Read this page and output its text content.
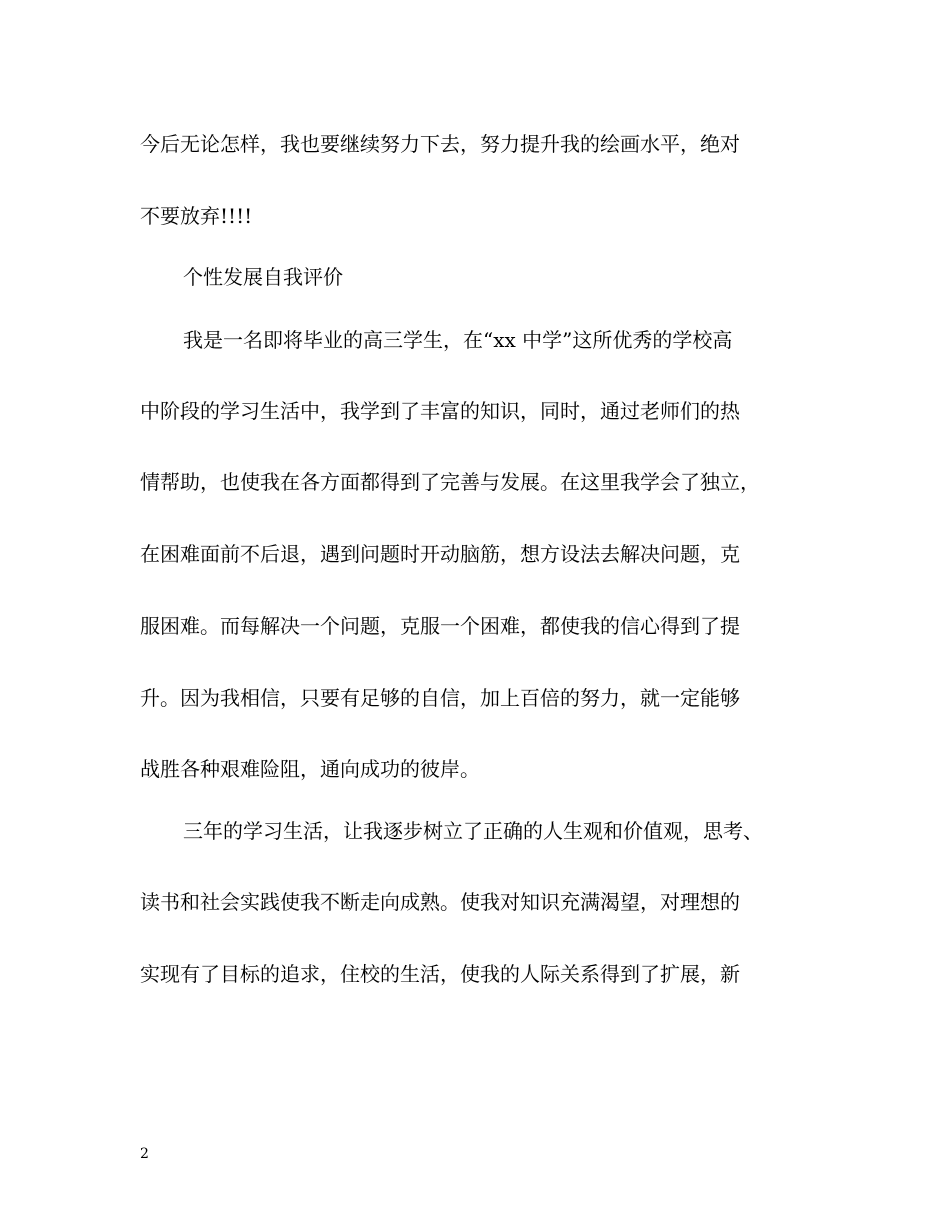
今后无论怎样，我也要继续努力下去，努力提升我的绘画水平，绝对

不要放弃!!!!

个性发展自我评价

我是一名即将毕业的高三学生，在“xx 中学”这所优秀的学校高

中阶段的学习生活中，我学到了丰富的知识，同时，通过老师们的热

情帮助，也使我在各方面都得到了完善与发展。在这里我学会了独立，

在困难面前不后退，遇到问题时开动脑筋，想方设法去解决问题，克

服困难。而每解决一个问题，克服一个困难，都使我的信心得到了提

升。因为我相信，只要有足够的自信，加上百倍的努力，就一定能够

战胜各种艰难险阻，通向成功的彼岸。

三年的学习生活，让我逐步树立了正确的人生观和价值观，思考、

读书和社会实践使我不断走向成熟。使我对知识充满渴望，对理想的

实现有了目标的追求，住校的生活，使我的人际关系得到了扩展，新

2
